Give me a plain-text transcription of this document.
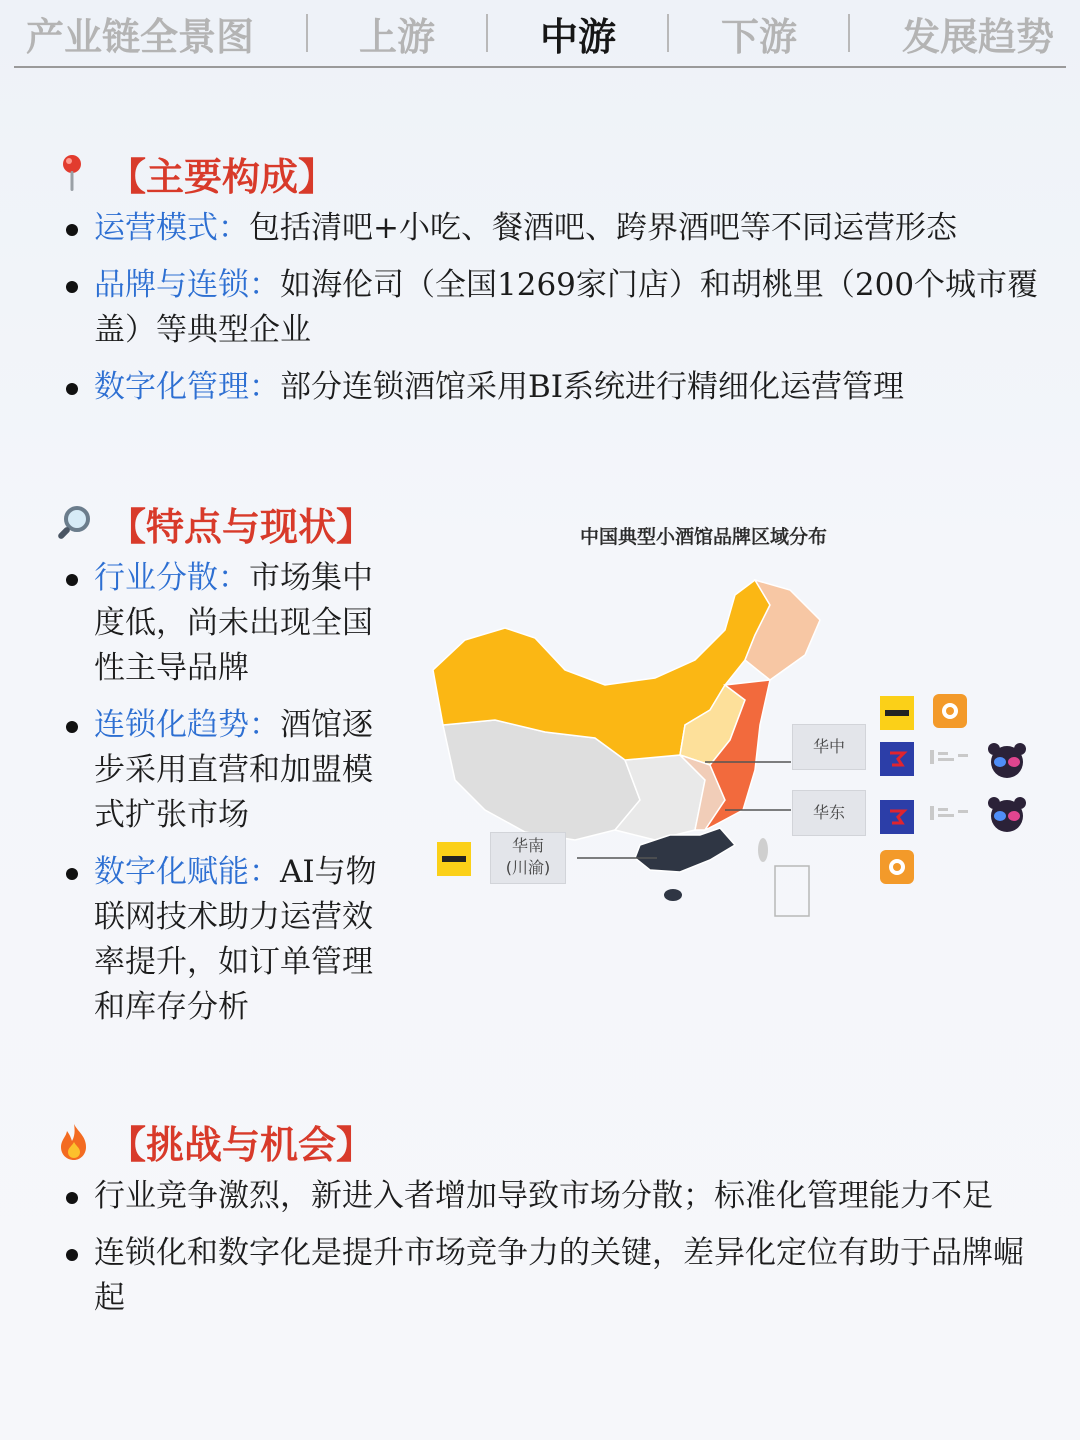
产业链全景图	上游	中游	下游	发展趋势
【主要构成】
运营模式：包括清吧+小吃、餐酒吧、跨界酒吧等不同运营形态
品牌与连锁：如海伦司（全国1269家门店）和胡桃里（200个城市覆盖）等典型企业
数字化管理：部分连锁酒馆采用BI系统进行精细化运营管理
【特点与现状】
行业分散：市场集中度低，尚未出现全国性主导品牌
连锁化趋势：酒馆逐步采用直营和加盟模式扩张市场
数字化赋能：AI与物联网技术助力运营效率提升，如订单管理和库存分析
中国典型小酒馆品牌区域分布
华中
华东
华南
(川渝)
【挑战与机会】
行业竞争激烈，新进入者增加导致市场分散；标准化管理能力不足
连锁化和数字化是提升市场竞争力的关键，差异化定位有助于品牌崛起
